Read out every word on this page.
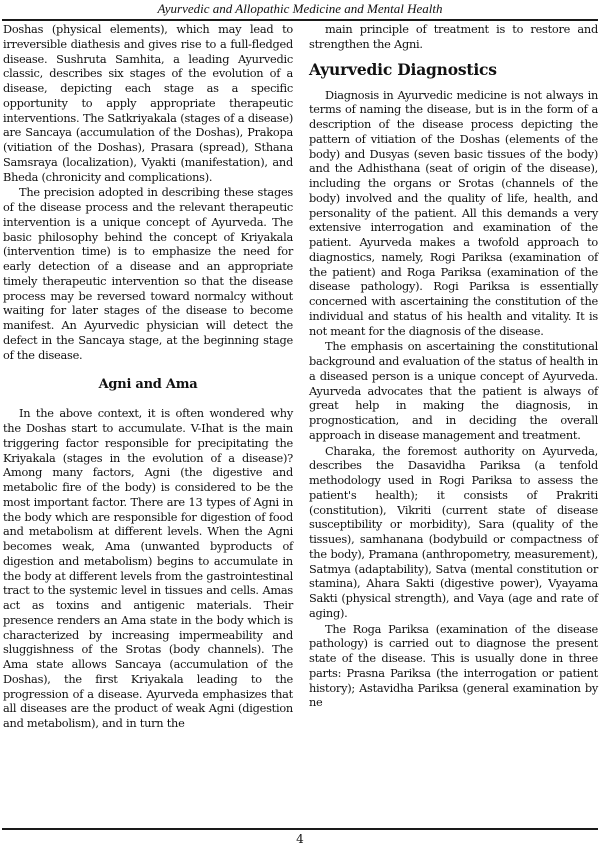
Ayurvedic and Allopathic Medicine and Mental Health

Doshas (physical elements), which may lead to irreversible diathesis and gives rise to a full-fledged disease. Sushruta Samhita, a leading Ayurvedic classic, describes six stages of the evolution of a disease, depicting each stage as a specific opportunity to apply appropriate therapeutic interventions. The Satkriyakala (stages of a disease) are Sancaya (accumulation of the Doshas), Prakopa (vitiation of the Doshas), Prasara (spread), Sthana Samsraya (localization), Vyakti (manifestation), and Bheda (chronicity and complications).

The precision adopted in describing these stages of the disease process and the relevant therapeutic intervention is a unique concept of Ayurveda. The basic philosophy behind the concept of Kriyakala (intervention time) is to emphasize the need for early detection of a disease and an appropriate timely therapeutic intervention so that the disease process may be reversed toward normalcy without waiting for later stages of the disease to become manifest. An Ayurvedic physician will detect the defect in the Sancaya stage, at the beginning stage of the disease.

Agni and Ama

In the above context, it is often wondered why the Doshas start to accumulate. V-Ihat is the main triggering factor responsible for precipitating the Kriyakala (stages in the evolution of a disease)? Among many factors, Agni (the digestive and metabolic fire of the body) is considered to be the most important factor. There are 13 types of Agni in the body which are responsible for digestion of food and metabolism at different levels. When the Agni becomes weak, Ama (unwanted byproducts of digestion and metabolism) begins to accumulate in the body at different levels from the gastrointestinal tract to the systemic level in tissues and cells. Amas act as toxins and antigenic materials. Their presence renders an Ama state in the body which is characterized by increasing impermeability and sluggishness of the Srotas (body channels). The Ama state allows Sancaya (accumulation of the Doshas), the first Kriyakala leading to the progression of a disease. Ayurveda emphasizes that all diseases are the product of weak Agni (digestion and metabolism), and in turn the

main principle of treatment is to restore and strengthen the Agni.

Ayurvedic Diagnostics

Diagnosis in Ayurvedic medicine is not always in terms of naming the disease, but is in the form of a description of the disease process depicting the pattern of vitiation of the Doshas (elements of the body) and Dusyas (seven basic tissues of the body) and the Adhisthana (seat of origin of the disease), including the organs or Srotas (channels of the body) involved and the quality of life, health, and personality of the patient. All this demands a very extensive interrogation and examination of the patient. Ayurveda makes a twofold approach to diagnostics, namely, Rogi Pariksa (examination of the patient) and Roga Pariksa (examination of the disease pathology). Rogi Pariksa is essentially concerned with ascertaining the constitution of the individual and status of his health and vitality. It is not meant for the diagnosis of the disease.

The emphasis on ascertaining the constitutional background and evaluation of the status of health in a diseased person is a unique concept of Ayurveda. Ayurveda advocates that the patient is always of great help in making the diagnosis, in prognostication, and in deciding the overall approach in disease management and treatment.

Charaka, the foremost authority on Ayurveda, describes the Dasavidha Pariksa (a tenfold methodology used in Rogi Pariksa to assess the patient's health); it consists of Prakriti (constitution), Vikriti (current state of disease susceptibility or morbidity), Sara (quality of the tissues), samhanana (bodybuild or compactness of the body), Pramana (anthropometry, measurement), Satmya (adaptability), Satva (mental constitution or stamina), Ahara Sakti (digestive power), Vyayama Sakti (physical strength), and Vaya (age and rate of aging).

The Roga Pariksa (examination of the disease pathology) is carried out to diagnose the present state of the disease. This is usually done in three parts: Prasna Pariksa (the interrogation or patient history); Astavidha Pariksa (general examination by ne

4
